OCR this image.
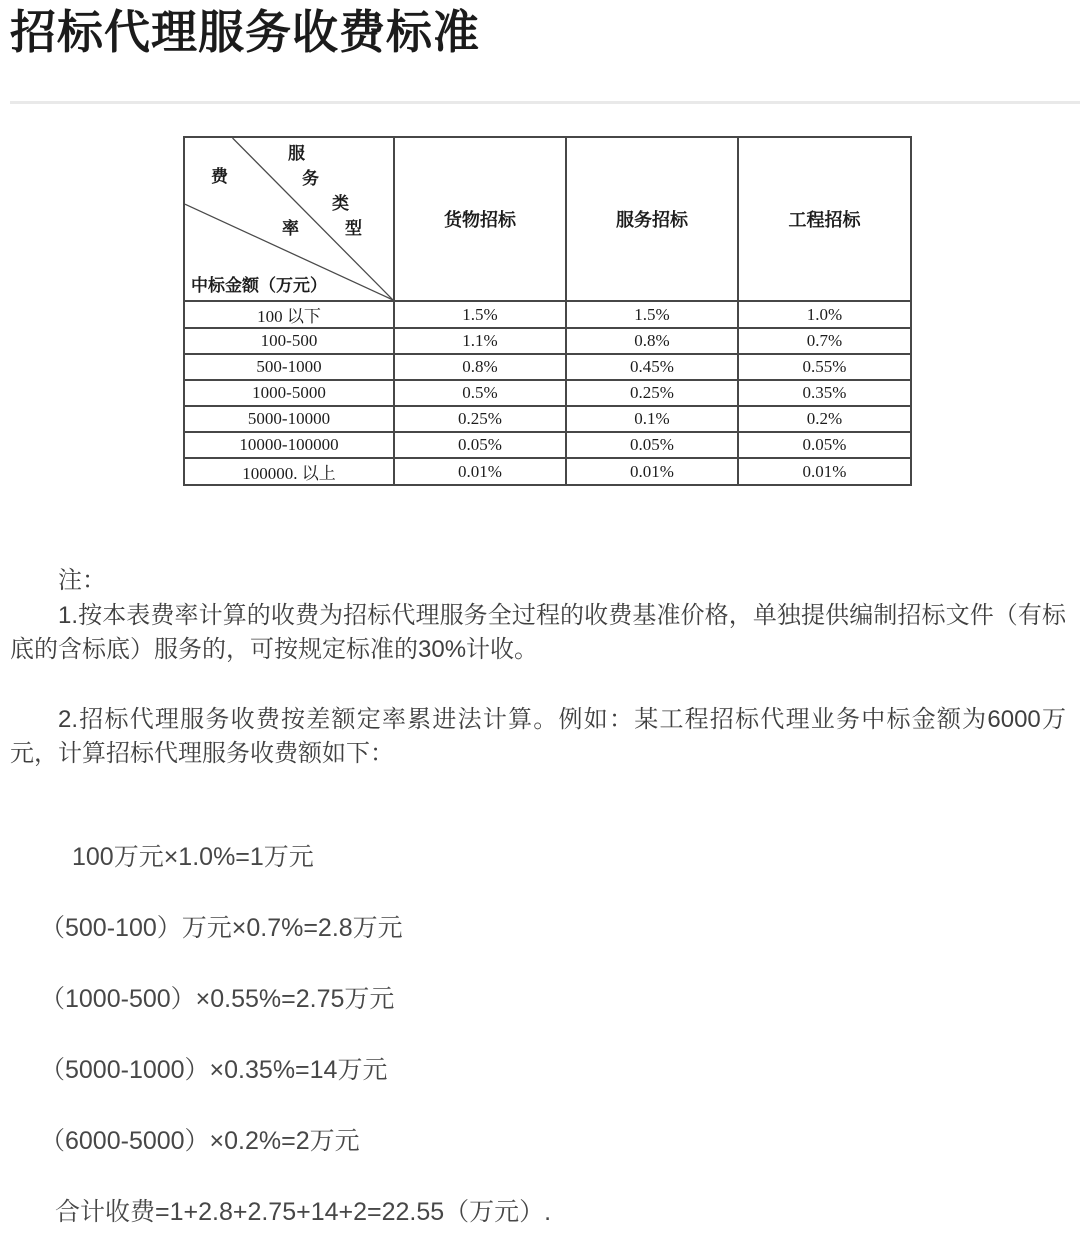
招标代理服务收费标准
服
务
类
型
费
率
中标金额（万元）
	货物招标	服务招标	工程招标
100 以下	1.5%	1.5%	1.0%
100-500	1.1%	0.8%	0.7%
500-1000	0.8%	0.45%	0.55%
1000-5000	0.5%	0.25%	0.35%
5000-10000	0.25%	0.1%	0.2%
10000-100000	0.05%	0.05%	0.05%
100000. 以上	0.01%	0.01%	0.01%

注：

1.按本表费率计算的收费为招标代理服务全过程的收费基准价格，单独提供编制招标文件（有标底的含标底）服务的，可按规定标准的30%计收。

2.招标代理服务收费按差额定率累进法计算。例如：某工程招标代理业务中标金额为6000万元，计算招标代理服务收费额如下：

100万元×1.0%=1万元
（500-100）万元×0.7%=2.8万元
（1000-500）×0.55%=2.75万元
（5000-1000）×0.35%=14万元
（6000-5000）×0.2%=2万元
合计收费=1+2.8+2.75+14+2=22.55（万元）.
